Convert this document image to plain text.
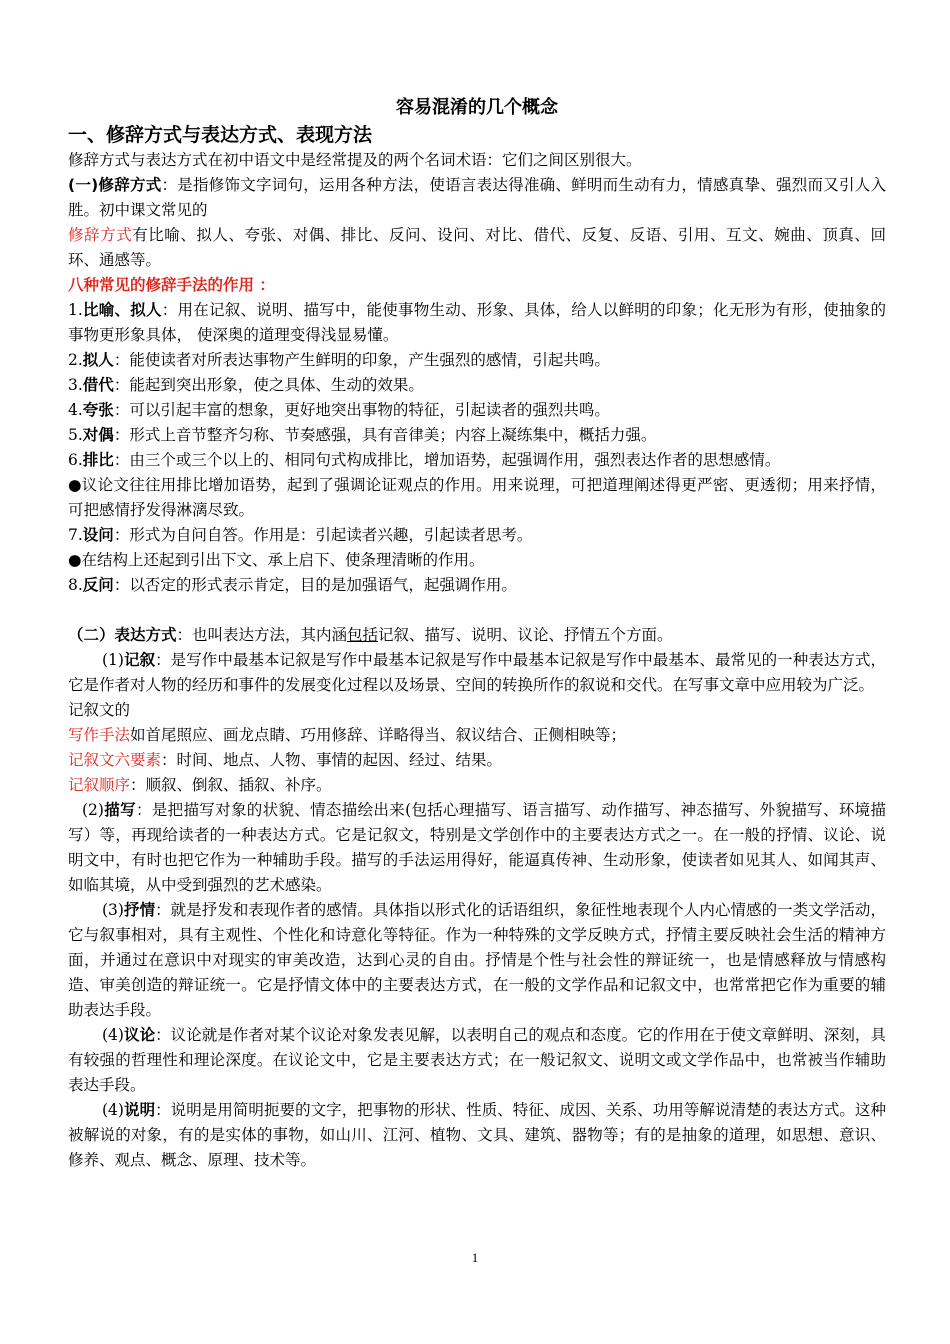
容易混淆的几个概念

一、修辞方式与表达方式、表现方法

修辞方式与表达方式在初中语文中是经常提及的两个名词术语：它们之间区别很大。

(一)修辞方式：是指修饰文字词句，运用各种方法，使语言表达得准确、鲜明而生动有力，情感真挚、强烈而又引人入胜。初中课文常见的

修辞方式有比喻、拟人、夸张、对偶、排比、反问、设问、对比、借代、反复、反语、引用、互文、婉曲、顶真、回环、通感等。

八种常见的修辞手法的作用 ：

1.比喻、拟人：用在记叙、说明、描写中，能使事物生动、形象、具体，给人以鲜明的印象；化无形为有形，使抽象的事物更形象具体， 使深奥的道理变得浅显易懂。

2.拟人：能使读者对所表达事物产生鲜明的印象，产生强烈的感情，引起共鸣。

3.借代：能起到突出形象，使之具体、生动的效果。

4.夸张：可以引起丰富的想象，更好地突出事物的特征，引起读者的强烈共鸣。

5.对偶：形式上音节整齐匀称、节奏感强，具有音律美；内容上凝练集中，概括力强。

6.排比：由三个或三个以上的、相同句式构成排比，增加语势，起强调作用，强烈表达作者的思想感情。

●议论文往往用排比增加语势，起到了强调论证观点的作用。用来说理，可把道理阐述得更严密、更透彻；用来抒情，可把感情抒发得淋漓尽致。

7.设问：形式为自问自答。作用是：引起读者兴趣，引起读者思考。

●在结构上还起到引出下文、承上启下、使条理清晰的作用。

8.反问：以否定的形式表示肯定，目的是加强语气，起强调作用。

（二）表达方式：也叫表达方法，其内涵包括记叙、描写、说明、议论、抒情五个方面。

(1)记叙：是写作中最基本记叙是写作中最基本记叙是写作中最基本记叙是写作中最基本、最常见的一种表达方式，它是作者对人物的经历和事件的发展变化过程以及场景、空间的转换所作的叙说和交代。在写事文章中应用较为广泛。

记叙文的

写作手法如首尾照应、画龙点睛、巧用修辞、详略得当、叙议结合、正侧相映等；

记叙文六要素：时间、地点、人物、事情的起因、经过、结果。

记叙顺序：顺叙、倒叙、插叙、补序。

(2)描写：是把描写对象的状貌、情态描绘出来(包括心理描写、语言描写、动作描写、神态描写、外貌描写、环境描写）等，再现给读者的一种表达方式。它是记叙文，特别是文学创作中的主要表达方式之一。在一般的抒情、议论、说明文中，有时也把它作为一种辅助手段。描写的手法运用得好，能逼真传神、生动形象，使读者如见其人、如闻其声、如临其境，从中受到强烈的艺术感染。

(3)抒情：就是抒发和表现作者的感情。具体指以形式化的话语组织，象征性地表现个人内心情感的一类文学活动，它与叙事相对，具有主观性、个性化和诗意化等特征。作为一种特殊的文学反映方式，抒情主要反映社会生活的精神方面，并通过在意识中对现实的审美改造，达到心灵的自由。抒情是个性与社会性的辩证统一，也是情感释放与情感构造、审美创造的辩证统一。它是抒情文体中的主要表达方式，在一般的文学作品和记叙文中，也常常把它作为重要的辅助表达手段。

(4)议论：议论就是作者对某个议论对象发表见解，以表明自己的观点和态度。它的作用在于使文章鲜明、深刻，具有较强的哲理性和理论深度。在议论文中，它是主要表达方式；在一般记叙文、说明文或文学作品中，也常被当作辅助表达手段。

(4)说明：说明是用简明扼要的文字，把事物的形状、性质、特征、成因、关系、功用等解说清楚的表达方式。这种被解说的对象，有的是实体的事物，如山川、江河、植物、文具、建筑、器物等；有的是抽象的道理，如思想、意识、修养、观点、概念、原理、技术等。

1
